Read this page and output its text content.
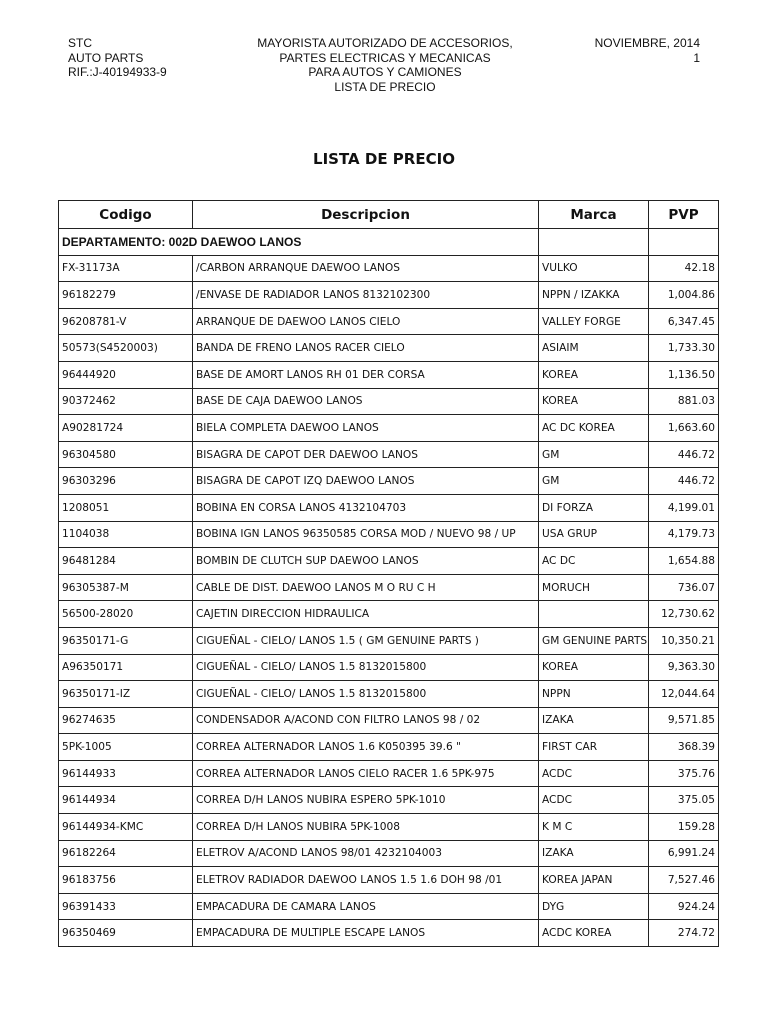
STC
AUTO PARTS
RIF.:J-40194933-9
MAYORISTA AUTORIZADO DE ACCESORIOS,
PARTES ELECTRICAS Y MECANICAS
PARA AUTOS Y CAMIONES
LISTA DE PRECIO
NOVIEMBRE, 2014
1
LISTA DE PRECIO
Codigo	Descripcion	Marca	PVP
DEPARTAMENTO: 002D DAEWOO LANOS			
FX-31173A	/CARBON ARRANQUE DAEWOO LANOS	VULKO	42.18
96182279	/ENVASE DE RADIADOR LANOS 8132102300	NPPN / IZAKKA	1,004.86
96208781-V	ARRANQUE DE DAEWOO LANOS CIELO	VALLEY FORGE	6,347.45
50573(S4520003)	BANDA DE FRENO LANOS RACER CIELO	ASIAIM	1,733.30
96444920	BASE DE AMORT LANOS RH 01 DER CORSA	KOREA	1,136.50
90372462	BASE DE CAJA DAEWOO LANOS	KOREA	881.03
A90281724	BIELA COMPLETA DAEWOO LANOS	AC DC KOREA	1,663.60
96304580	BISAGRA DE CAPOT DER DAEWOO LANOS	GM	446.72
96303296	BISAGRA DE CAPOT IZQ DAEWOO LANOS	GM	446.72
1208051	BOBINA EN CORSA LANOS 4132104703	DI FORZA	4,199.01
1104038	BOBINA IGN LANOS 96350585 CORSA MOD / NUEVO 98 / UP	USA GRUP	4,179.73
96481284	BOMBIN DE CLUTCH SUP DAEWOO LANOS	AC DC	1,654.88
96305387-M	CABLE DE DIST. DAEWOO LANOS M O RU C H	MORUCH	736.07
56500-28020	CAJETIN DIRECCION HIDRAULICA		12,730.62
96350171-G	CIGUEÑAL - CIELO/ LANOS 1.5 ( GM GENUINE PARTS )	GM GENUINE PARTS	10,350.21
A96350171	CIGUEÑAL - CIELO/ LANOS 1.5 8132015800	KOREA	9,363.30
96350171-IZ	CIGUEÑAL - CIELO/ LANOS 1.5 8132015800	NPPN	12,044.64
96274635	CONDENSADOR A/ACOND CON FILTRO LANOS 98 / 02	IZAKA	9,571.85
5PK-1005	CORREA ALTERNADOR LANOS 1.6 K050395 39.6 "	FIRST CAR	368.39
96144933	CORREA ALTERNADOR LANOS CIELO RACER 1.6 5PK-975	ACDC	375.76
96144934	CORREA D/H LANOS NUBIRA ESPERO 5PK-1010	ACDC	375.05
96144934-KMC	CORREA D/H LANOS NUBIRA 5PK-1008	K M C	159.28
96182264	ELETROV A/ACOND LANOS 98/01 4232104003	IZAKA	6,991.24
96183756	ELETROV RADIADOR DAEWOO LANOS 1.5 1.6 DOH 98 /01	KOREA JAPAN	7,527.46
96391433	EMPACADURA DE CAMARA LANOS	DYG	924.24
96350469	EMPACADURA DE MULTIPLE ESCAPE LANOS	ACDC KOREA	274.72
